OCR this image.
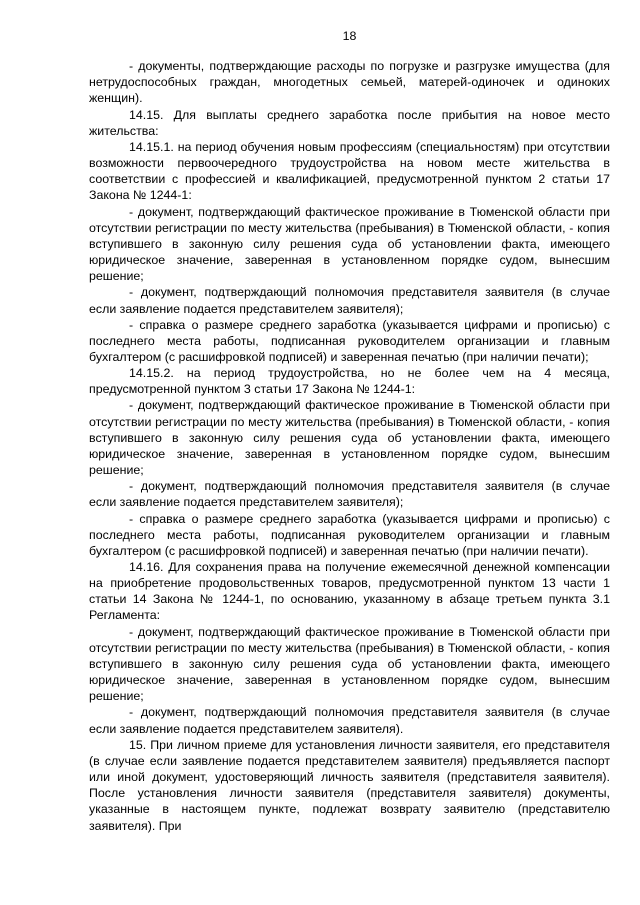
18

- документы, подтверждающие расходы по погрузке и разгрузке имущества (для нетрудоспособных граждан, многодетных семьей, матерей-одиночек и одиноких женщин).

14.15. Для выплаты среднего заработка после прибытия на новое место жительства:

14.15.1. на период обучения новым профессиям (специальностям) при отсутствии возможности первоочередного трудоустройства на новом месте жительства в соответствии с профессией и квалификацией, предусмотренной пунктом 2 статьи 17 Закона № 1244-1:

- документ, подтверждающий фактическое проживание в Тюменской области при отсутствии регистрации по месту жительства (пребывания) в Тюменской области, - копия вступившего в законную силу решения суда об установлении факта, имеющего юридическое значение, заверенная в установленном порядке судом, вынесшим решение;

- документ, подтверждающий полномочия представителя заявителя (в случае если заявление подается представителем заявителя);

- справка о размере среднего заработка (указывается цифрами и прописью) с последнего места работы, подписанная руководителем организации и главным бухгалтером (с расшифровкой подписей) и заверенная печатью (при наличии печати);

14.15.2. на период трудоустройства, но не более чем на 4 месяца, предусмотренной пунктом 3 статьи 17 Закона № 1244-1:

- документ, подтверждающий фактическое проживание в Тюменской области при отсутствии регистрации по месту жительства (пребывания) в Тюменской области, - копия вступившего в законную силу решения суда об установлении факта, имеющего юридическое значение, заверенная в установленном порядке судом, вынесшим решение;

- документ, подтверждающий полномочия представителя заявителя (в случае если заявление подается представителем заявителя);

- справка о размере среднего заработка (указывается цифрами и прописью) с последнего места работы, подписанная руководителем организации и главным бухгалтером (с расшифровкой подписей) и заверенная печатью (при наличии печати).

14.16. Для сохранения права на получение ежемесячной денежной компенсации на приобретение продовольственных товаров, предусмотренной пунктом 13 части 1 статьи 14 Закона № 1244-1, по основанию, указанному в абзаце третьем пункта 3.1 Регламента:

- документ, подтверждающий фактическое проживание в Тюменской области при отсутствии регистрации по месту жительства (пребывания) в Тюменской области, - копия вступившего в законную силу решения суда об установлении факта, имеющего юридическое значение, заверенная в установленном порядке судом, вынесшим решение;

- документ, подтверждающий полномочия представителя заявителя (в случае если заявление подается представителем заявителя).

15. При личном приеме для установления личности заявителя, его представителя (в случае если заявление подается представителем заявителя) предъявляется паспорт или иной документ, удостоверяющий личность заявителя (представителя заявителя). После установления личности заявителя (представителя заявителя) документы, указанные в настоящем пункте, подлежат возврату заявителю (представителю заявителя). При
